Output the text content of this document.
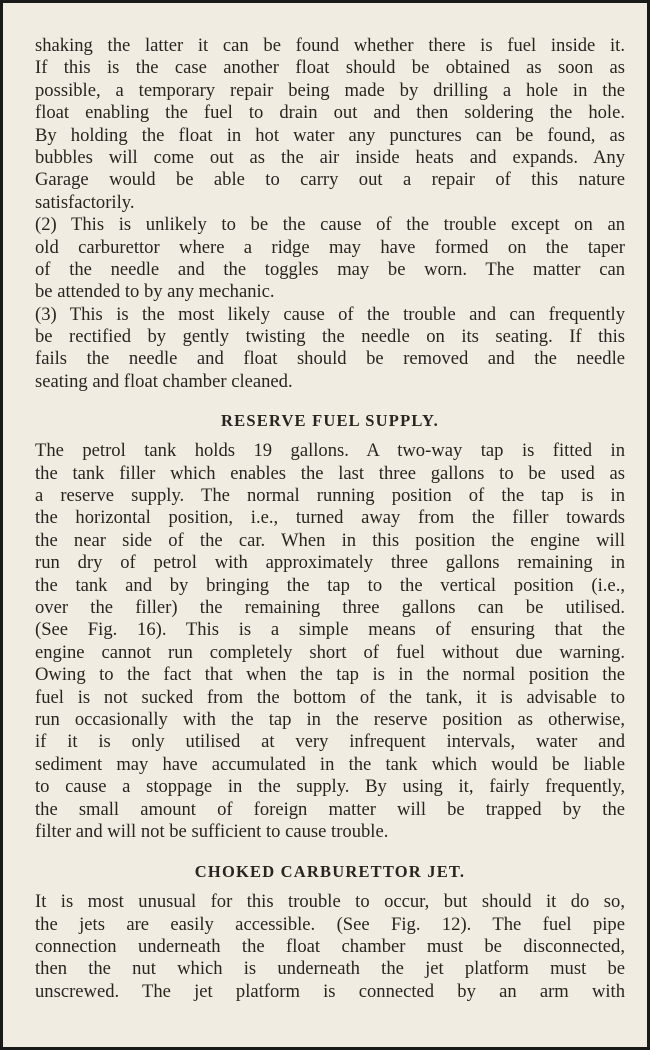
shaking the latter it can be found whether there is fuel inside it.
If this is the case another float should be obtained as soon as
possible, a temporary repair being made by drilling a hole in the
float enabling the fuel to drain out and then soldering the hole.
By holding the float in hot water any punctures can be found, as
bubbles will come out as the air inside heats and expands. Any
Garage would be able to carry out a repair of this nature
satisfactorily.
(2) This is unlikely to be the cause of the trouble except on an
old carburettor where a ridge may have formed on the taper
of the needle and the toggles may be worn. The matter can
be attended to by any mechanic.
(3) This is the most likely cause of the trouble and can frequently
be rectified by gently twisting the needle on its seating. If this
fails the needle and float should be removed and the needle
seating and float chamber cleaned.
RESERVE FUEL SUPPLY.
The petrol tank holds 19 gallons. A two-way tap is fitted in
the tank filler which enables the last three gallons to be used as
a reserve supply. The normal running position of the tap is in
the horizontal position, i.e., turned away from the filler towards
the near side of the car. When in this position the engine will
run dry of petrol with approximately three gallons remaining in
the tank and by bringing the tap to the vertical position (i.e.,
over the filler) the remaining three gallons can be utilised.
(See Fig. 16). This is a simple means of ensuring that the
engine cannot run completely short of fuel without due warning.
Owing to the fact that when the tap is in the normal position the
fuel is not sucked from the bottom of the tank, it is advisable to
run occasionally with the tap in the reserve position as otherwise,
if it is only utilised at very infrequent intervals, water and
sediment may have accumulated in the tank which would be liable
to cause a stoppage in the supply. By using it, fairly frequently,
the small amount of foreign matter will be trapped by the
filter and will not be sufficient to cause trouble.
CHOKED CARBURETTOR JET.
It is most unusual for this trouble to occur, but should it do so,
the jets are easily accessible. (See Fig. 12). The fuel pipe
connection underneath the float chamber must be disconnected,
then the nut which is underneath the jet platform must be
unscrewed. The jet platform is connected by an arm with
